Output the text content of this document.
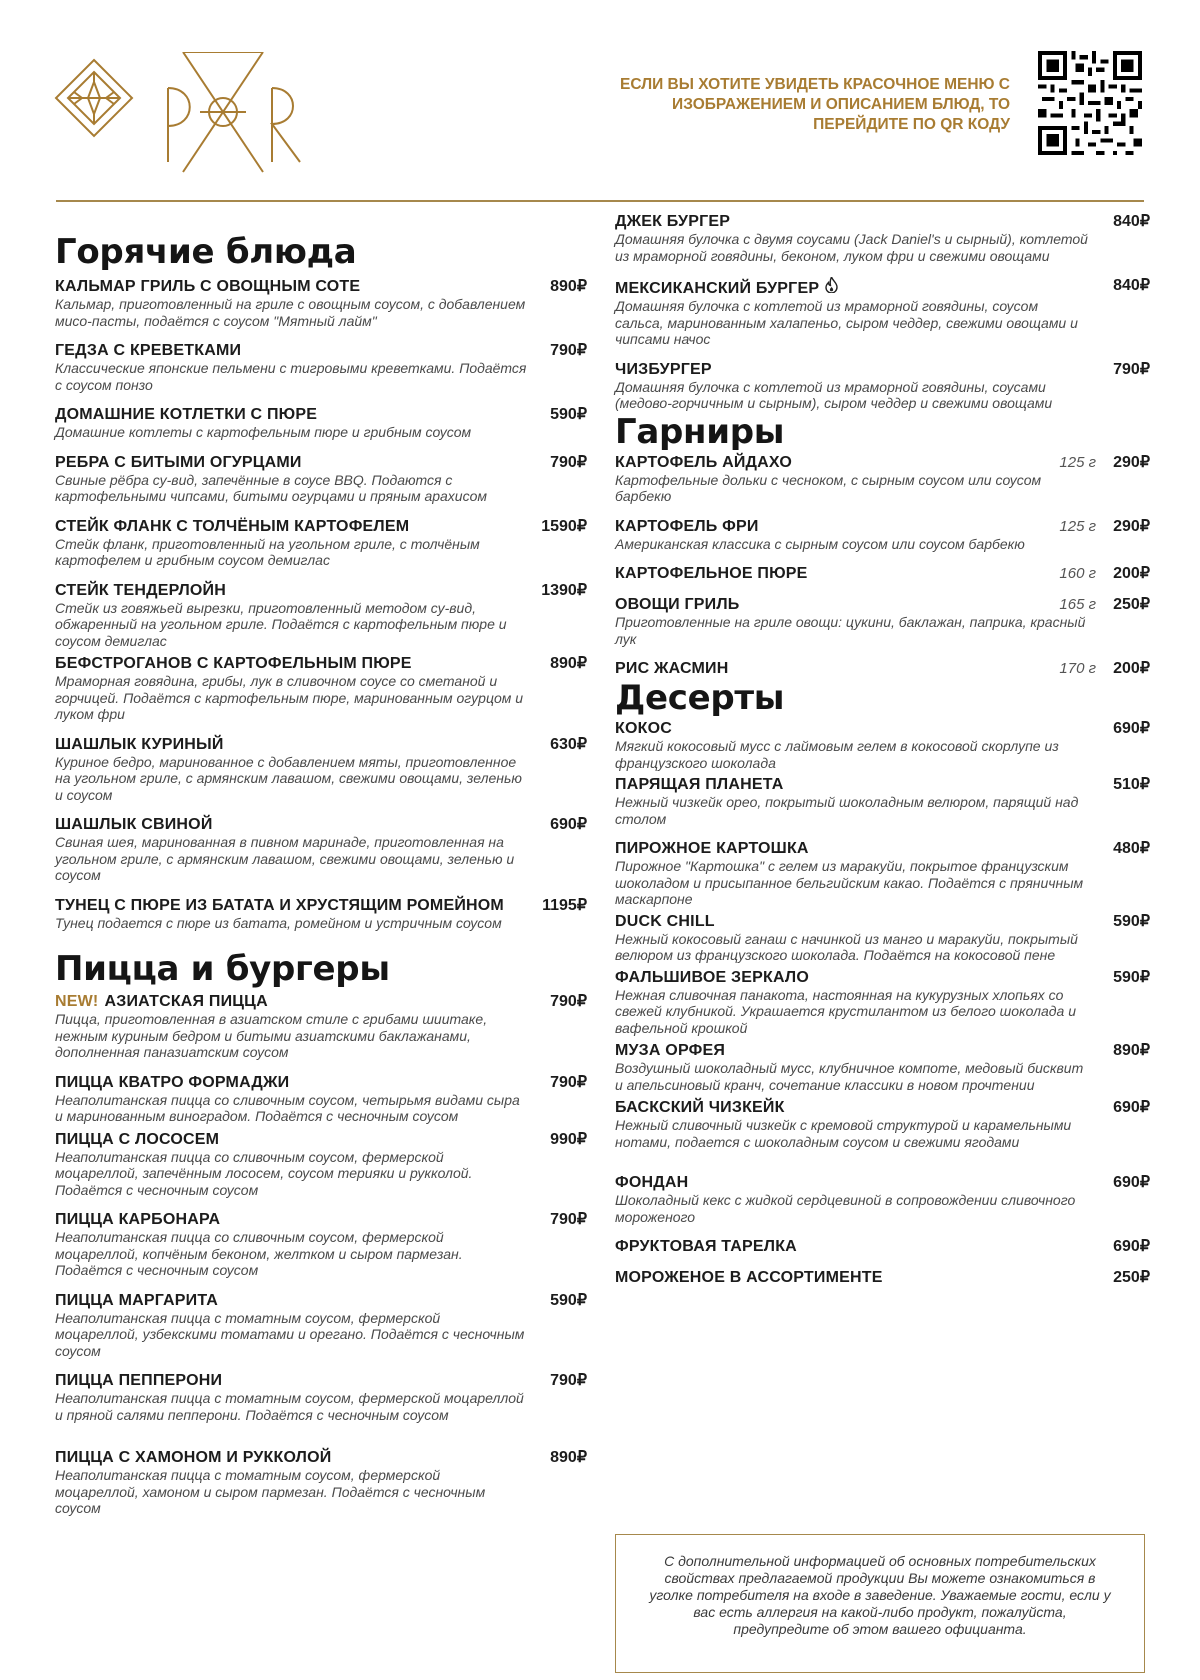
ЕСЛИ ВЫ ХОТИТЕ УВИДЕТЬ КРАСОЧНОЕ МЕНЮ С ИЗОБРАЖЕНИЕМ И ОПИСАНИЕМ БЛЮД, ТО ПЕРЕЙДИТЕ ПО QR КОДУ
Горячие блюда
КАЛЬМАР ГРИЛЬ С ОВОЩНЫМ СОТЕ	890₽
Кальмар, приготовленный на гриле с овощным соусом, с добавлением мисо-пасты, подаётся с соусом "Мятный лайм"
ГЕДЗА С КРЕВЕТКАМИ	790₽
Классические японские пельмени с тигровыми креветками. Подаётся с соусом понзо
ДОМАШНИЕ КОТЛЕТКИ С ПЮРЕ	590₽
Домашние котлеты с картофельным пюре и грибным соусом
РЕБРА С БИТЫМИ ОГУРЦАМИ	790₽
Свиные рёбра су-вид, запечённые в соусе BBQ. Подаются с картофельными чипсами, битыми огурцами и пряным арахисом
СТЕЙК ФЛАНК С ТОЛЧЁНЫМ КАРТОФЕЛЕМ	1590₽
Стейк фланк, приготовленный на угольном гриле, с толчёным картофелем и грибным соусом демиглас
СТЕЙК ТЕНДЕРЛОЙН	1390₽
Стейк из говяжьей вырезки, приготовленный методом су-вид, обжаренный на угольном гриле. Подаётся с картофельным пюре и соусом демиглас
БЕФСТРОГАНОВ С КАРТОФЕЛЬНЫМ ПЮРЕ	890₽
Мраморная говядина, грибы, лук в сливочном соусе со сметаной и горчицей. Подаётся с картофельным пюре, маринованным огурцом и луком фри
ШАШЛЫК КУРИНЫЙ	630₽
Куриное бедро, маринованное с добавлением мяты, приготовленное на угольном гриле, с армянским лавашом, свежими овощами, зеленью и соусом
ШАШЛЫК СВИНОЙ	690₽
Свиная шея, маринованная в пивном маринаде, приготовленная на угольном гриле, с армянским лавашом, свежими овощами, зеленью и соусом
ТУНЕЦ С ПЮРЕ ИЗ БАТАТА И ХРУСТЯЩИМ РОМЕЙНОМ	1195₽
Тунец подается с пюре из батата, ромейном и устричным соусом
Пицца и бургеры
NEW! АЗИАТСКАЯ ПИЦЦА	790₽
Пицца, приготовленная в азиатском стиле с грибами шиитаке, нежным куриным бедром и битыми азиатскими баклажанами, дополненная паназиатским соусом
ПИЦЦА КВАТРО ФОРМАДЖИ	790₽
Неаполитанская пицца со сливочным соусом, четырьмя видами сыра и маринованным виноградом. Подаётся с чесночным соусом
ПИЦЦА С ЛОСОСЕМ	990₽
Неаполитанская пицца со сливочным соусом, фермерской моцареллой, запечённым лососем, соусом терияки и рукколой. Подаётся с чесночным соусом
ПИЦЦА КАРБОНАРА	790₽
Неаполитанская пицца со сливочным соусом, фермерской моцареллой, копчёным беконом, желтком и сыром пармезан. Подаётся с чесночным соусом
ПИЦЦА МАРГАРИТА	590₽
Неаполитанская пицца с томатным соусом, фермерской моцареллой, узбекскими томатами и орегано. Подаётся с чесночным соусом
ПИЦЦА ПЕППЕРОНИ	790₽
Неаполитанская пицца с томатным соусом, фермерской моцареллой и пряной салями пепперони. Подаётся с чесночным соусом
ПИЦЦА С ХАМОНОМ И РУККОЛОЙ	890₽
Неаполитанская пицца с томатным соусом, фермерской моцареллой, хамоном и сыром пармезан. Подаётся с чесночным соусом
ДЖЕК БУРГЕР	840₽
Домашняя булочка с двумя соусами (Jack Daniel's и сырный), котлетой из мраморной говядины, беконом, луком фри и свежими овощами
МЕКСИКАНСКИЙ БУРГЕР	840₽
Домашняя булочка с котлетой из мраморной говядины, соусом сальса, маринованным халапеньо, сыром чеддер, свежими овощами и чипсами начос
ЧИЗБУРГЕР	790₽
Домашняя булочка с котлетой из мраморной говядины, соусами (медово-горчичным и сырным), сыром чеддер и свежими овощами
Гарниры
КАРТОФЕЛЬ АЙДАХО	125 г 290₽
Картофельные дольки с чесноком, с сырным соусом или соусом барбекю
КАРТОФЕЛЬ ФРИ	125 г 290₽
Американская классика с сырным соусом или соусом барбекю
КАРТОФЕЛЬНОЕ ПЮРЕ	160 г 200₽
ОВОЩИ ГРИЛЬ	165 г 250₽
Приготовленные на гриле овощи: цукини, баклажан, паприка, красный лук
РИС ЖАСМИН	170 г 200₽
Десерты
КОКОС	690₽
Мягкий кокосовый мусс с лаймовым гелем в кокосовой скорлупе из французского шоколада
ПАРЯЩАЯ ПЛАНЕТА	510₽
Нежный чизкейк орео, покрытый шоколадным велюром, парящий над столом
ПИРОЖНОЕ КАРТОШКА	480₽
Пирожное "Картошка" с гелем из маракуйи, покрытое французским шоколадом и присыпанное бельгийским какао. Подаётся с пряничным маскарпоне
DUCK CHILL	590₽
Нежный кокосовый ганаш с начинкой из манго и маракуйи, покрытый велюром из французского шоколада. Подаётся на кокосовой пене
ФАЛЬШИВОЕ ЗЕРКАЛО	590₽
Нежная сливочная панакота, настоянная на кукурузных хлопьях со свежей клубникой. Украшается крустилантом из белого шоколада и вафельной крошкой
МУЗА ОРФЕЯ	890₽
Воздушный шоколадный мусс, клубничное компоте, медовый бисквит и апельсиновый кранч, сочетание классики в новом прочтении
БАСКСКИЙ ЧИЗКЕЙК	690₽
Нежный сливочный чизкейк с кремовой структурой и карамельными нотами, подается с шоколадным соусом и свежими ягодами
ФОНДАН	690₽
Шоколадный кекс с жидкой сердцевиной в сопровождении сливочного мороженого
ФРУКТОВАЯ ТАРЕЛКА	690₽
МОРОЖЕНОЕ В АССОРТИМЕНТЕ	250₽
С дополнительной информацией об основных потребительских свойствах предлагаемой продукции Вы можете ознакомиться в уголке потребителя на входе в заведение. Уважаемые гости, если у вас есть аллергия на какой-либо продукт, пожалуйста, предупредите об этом вашего официанта.
